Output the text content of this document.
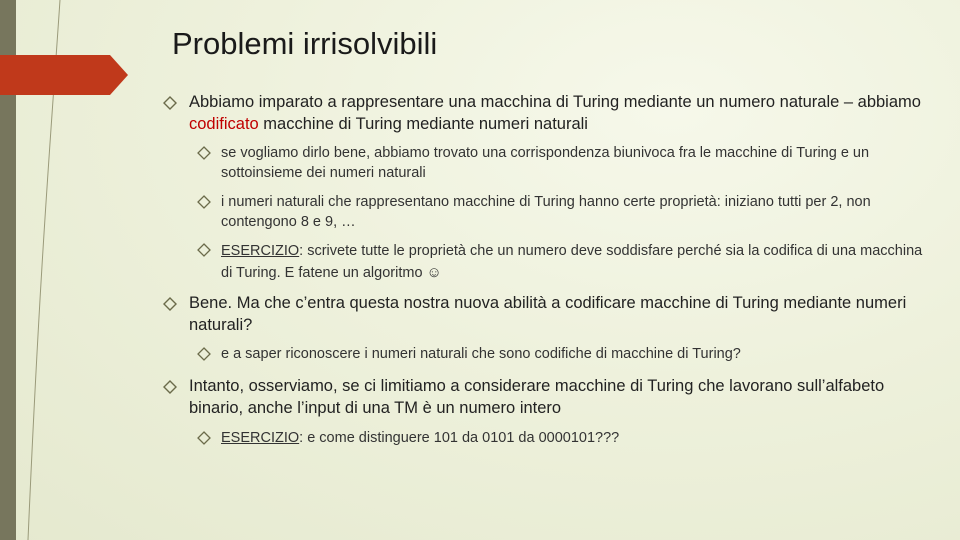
Problemi irrisolvibili
Abbiamo imparato a rappresentare una macchina di Turing mediante un numero naturale – abbiamo codificato macchine di Turing mediante numeri naturali
se vogliamo dirlo bene, abbiamo trovato una corrispondenza biunivoca fra le macchine di Turing e un sottoinsieme dei numeri naturali
i numeri naturali che rappresentano macchine di Turing hanno certe proprietà: iniziano tutti per 2, non contengono 8 e 9, …
ESERCIZIO: scrivete tutte le proprietà che un numero deve soddisfare perché sia la codifica di una macchina di Turing. E fatene un algoritmo ☺
Bene. Ma che c’entra questa nostra nuova abilità a codificare macchine di Turing mediante numeri naturali?
e a saper riconoscere i numeri naturali che sono codifiche di macchine di Turing?
Intanto, osserviamo, se ci limitiamo a considerare macchine di Turing che lavorano sull’alfabeto binario, anche l’input di una TM è un numero intero
ESERCIZIO: e come distinguere 101 da 0101 da 0000101???
